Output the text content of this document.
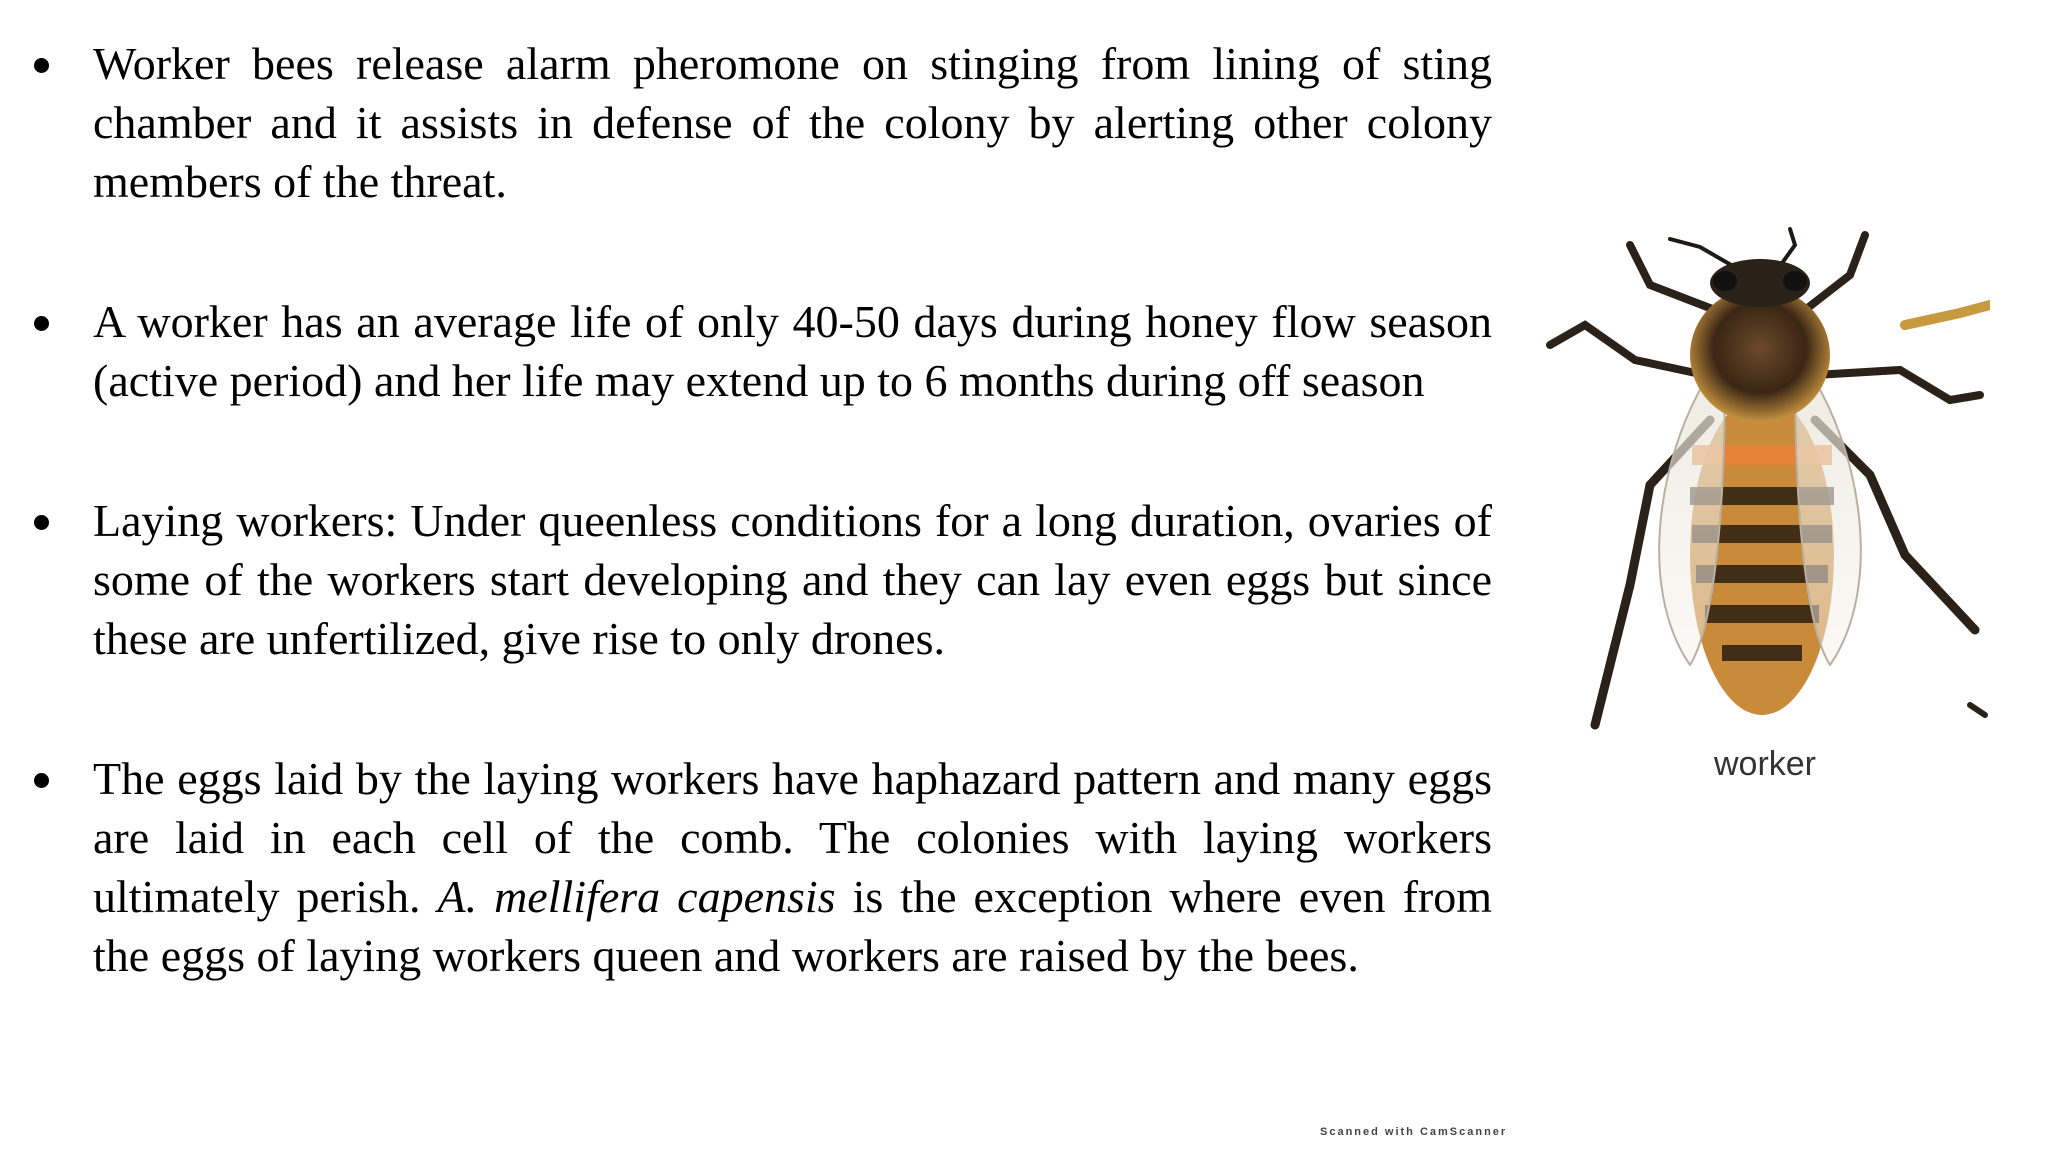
Worker bees release alarm pheromone on stinging from lining of sting chamber and it assists in defense of the colony by alerting other colony members of the threat.
A worker has an average life of only 40-50 days during honey flow season (active period) and her life may extend up to 6 months during off season
Laying workers: Under queenless conditions for a long duration, ovaries of some of the workers start developing and they can lay even eggs but since these are unfertilized, give rise to only drones.
The eggs laid by the laying workers have haphazard pattern and many eggs are laid in each cell of the comb. The colonies with laying workers ultimately perish. A. mellifera capensis is the exception where even from the eggs of laying workers queen and workers are raised by the bees.
worker
Scanned with CamScanner
